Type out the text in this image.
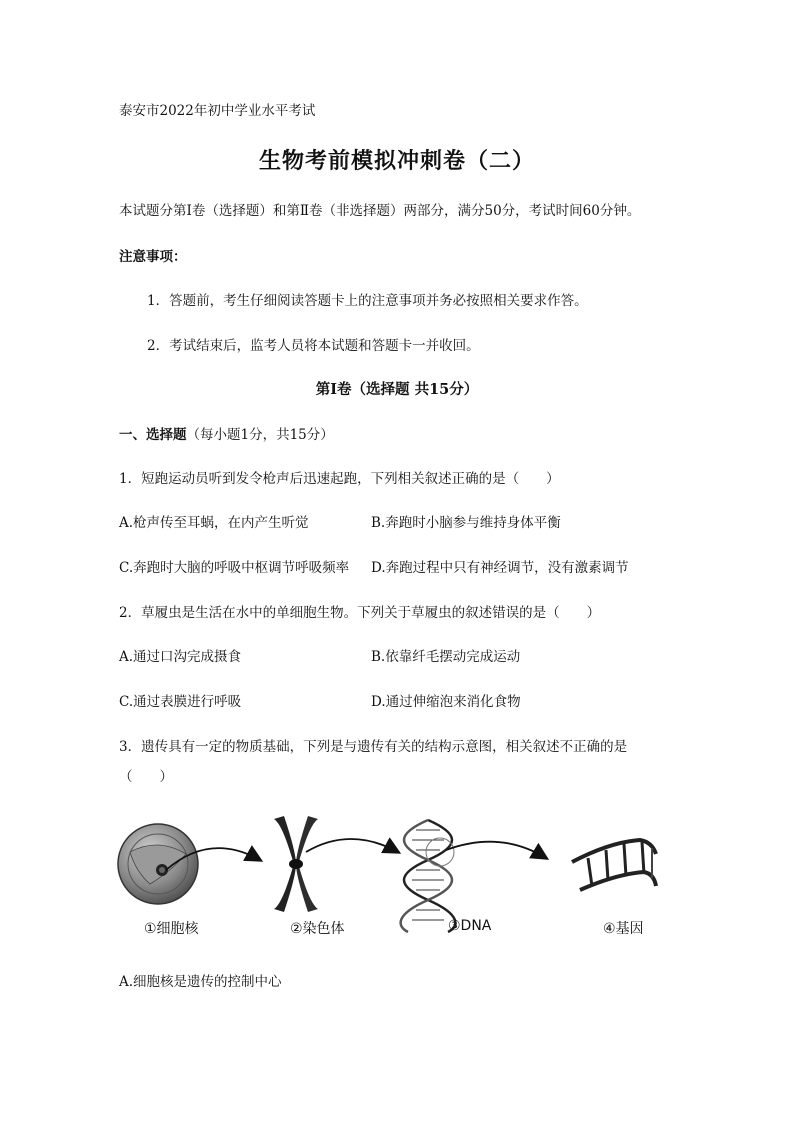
泰安市2022年初中学业水平考试
生物考前模拟冲刺卷（二）
本试题分第Ⅰ卷（选择题）和第Ⅱ卷（非选择题）两部分，满分50分，考试时间60分钟。
注意事项：
1．答题前，考生仔细阅读答题卡上的注意事项并务必按照相关要求作答。
2．考试结束后，监考人员将本试题和答题卡一并收回。
第Ⅰ卷（选择题 共15分）
一、选择题（每小题1分，共15分）
1．短跑运动员听到发令枪声后迅速起跑，下列相关叙述正确的是（　　）
A.枪声传至耳蜗，在内产生听觉	B.奔跑时小脑参与维持身体平衡
C.奔跑时大脑的呼吸中枢调节呼吸频率 D.奔跑过程中只有神经调节，没有激素调节
2．草履虫是生活在水中的单细胞生物。下列关于草履虫的叙述错误的是（　　）
A.通过口沟完成摄食	B.依靠纤毛摆动完成运动
C.通过表膜进行呼吸	D.通过伸缩泡来消化食物
3．遗传具有一定的物质基础，下列是与遗传有关的结构示意图，相关叙述不正确的是
（　　）
①细胞核	②染色体	③DNA	④基因
A.细胞核是遗传的控制中心
